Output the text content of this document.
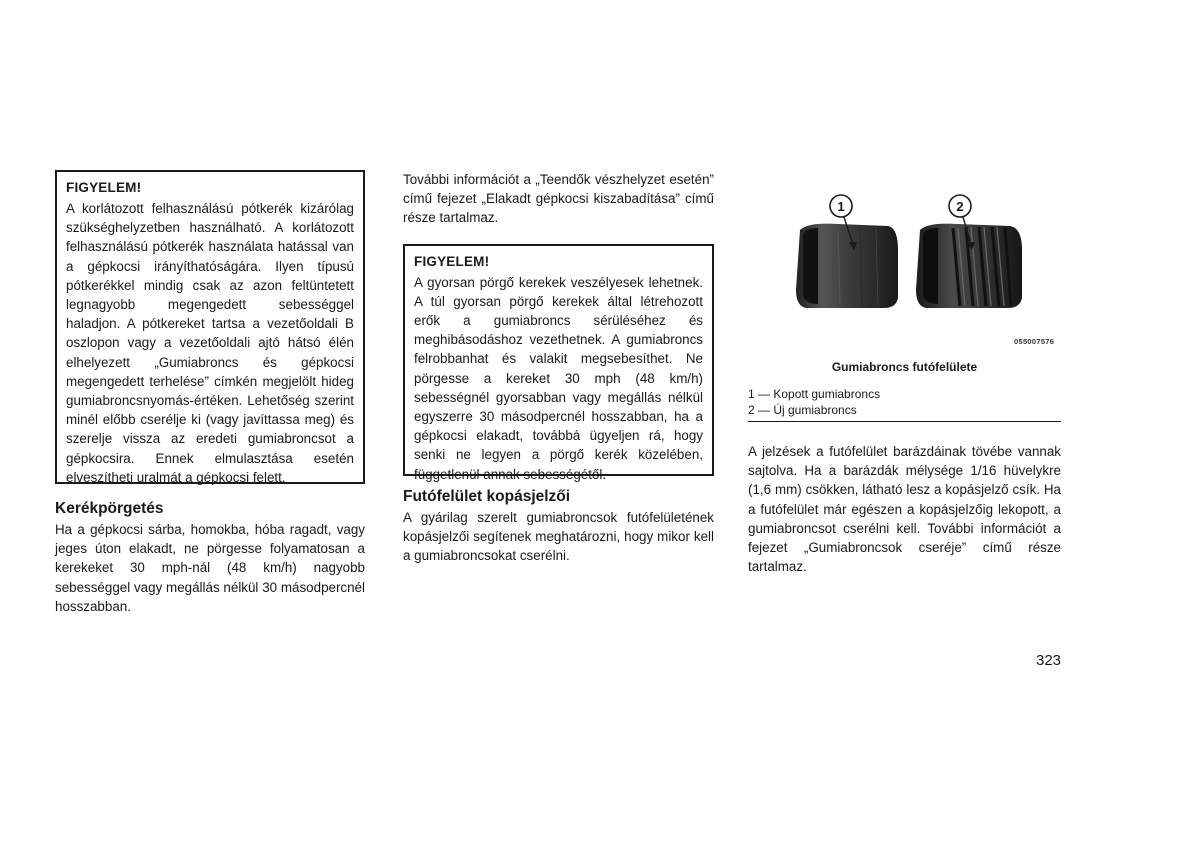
FIGYELEM!

A korlátozott felhasználású pótkerék kizárólag szükséghelyzetben használható. A korlátozott felhasználású pótkerék használata hatással van a gépkocsi irányíthatóságára. Ilyen típusú pótkerékkel mindig csak az azon feltüntetett legnagyobb megengedett sebességgel haladjon. A pótkereket tartsa a vezetőoldali B oszlopon vagy a vezetőoldali ajtó hátsó élén elhelyezett „Gumiabroncs és gépkocsi megengedett terhelése” címkén megjelölt hideg gumiabroncsnyomás-értéken. Lehetőség szerint minél előbb cserélje ki (vagy javíttassa meg) és szerelje vissza az eredeti gumiabroncsot a gépkocsira. Ennek elmulasztása esetén elveszítheti uralmát a gépkocsi felett.

Kerékpörgetés

Ha a gépkocsi sárba, homokba, hóba ragadt, vagy jeges úton elakadt, ne pörgesse folyamatosan a kerekeket 30 mph-nál (48 km/h) nagyobb sebességgel vagy megállás nélkül 30 másodpercnél hosszabban.

További információt a „Teendők vészhelyzet esetén” című fejezet „Elakadt gépkocsi kiszabadítása” című része tartalmaz.

FIGYELEM!

A gyorsan pörgő kerekek veszélyesek lehetnek. A túl gyorsan pörgő kerekek által létrehozott erők a gumiabroncs sérüléséhez és meghibásodáshoz vezethetnek. A gumiabroncs felrobbanhat és valakit megsebesíthet. Ne pörgesse a kereket 30 mph (48 km/h) sebességnél gyorsabban vagy megállás nélkül egyszerre 30 másodpercnél hosszabban, ha a gépkocsi elakadt, továbbá ügyeljen rá, hogy senki ne legyen a pörgő kerék közelében, függetlenül annak sebességétől.

Futófelület kopásjelzői

A gyárilag szerelt gumiabroncsok futófelületének kopásjelzői segítenek meghatározni, hogy mikor kell a gumiabroncsokat cserélni.

1	2
055007576
Gumiabroncs futófelülete
1 — Kopott gumiabroncs
2 — Új gumiabroncs

A jelzések a futófelület barázdáinak tövébe vannak sajtolva. Ha a barázdák mélysége 1/16 hüvelykre (1,6 mm) csökken, látható lesz a kopásjelző csík. Ha a futófelület már egészen a kopásjelzőig lekopott, a gumiabroncsot cserélni kell. További információt a fejezet „Gumiabroncsok cseréje” című része tartalmaz.

323
